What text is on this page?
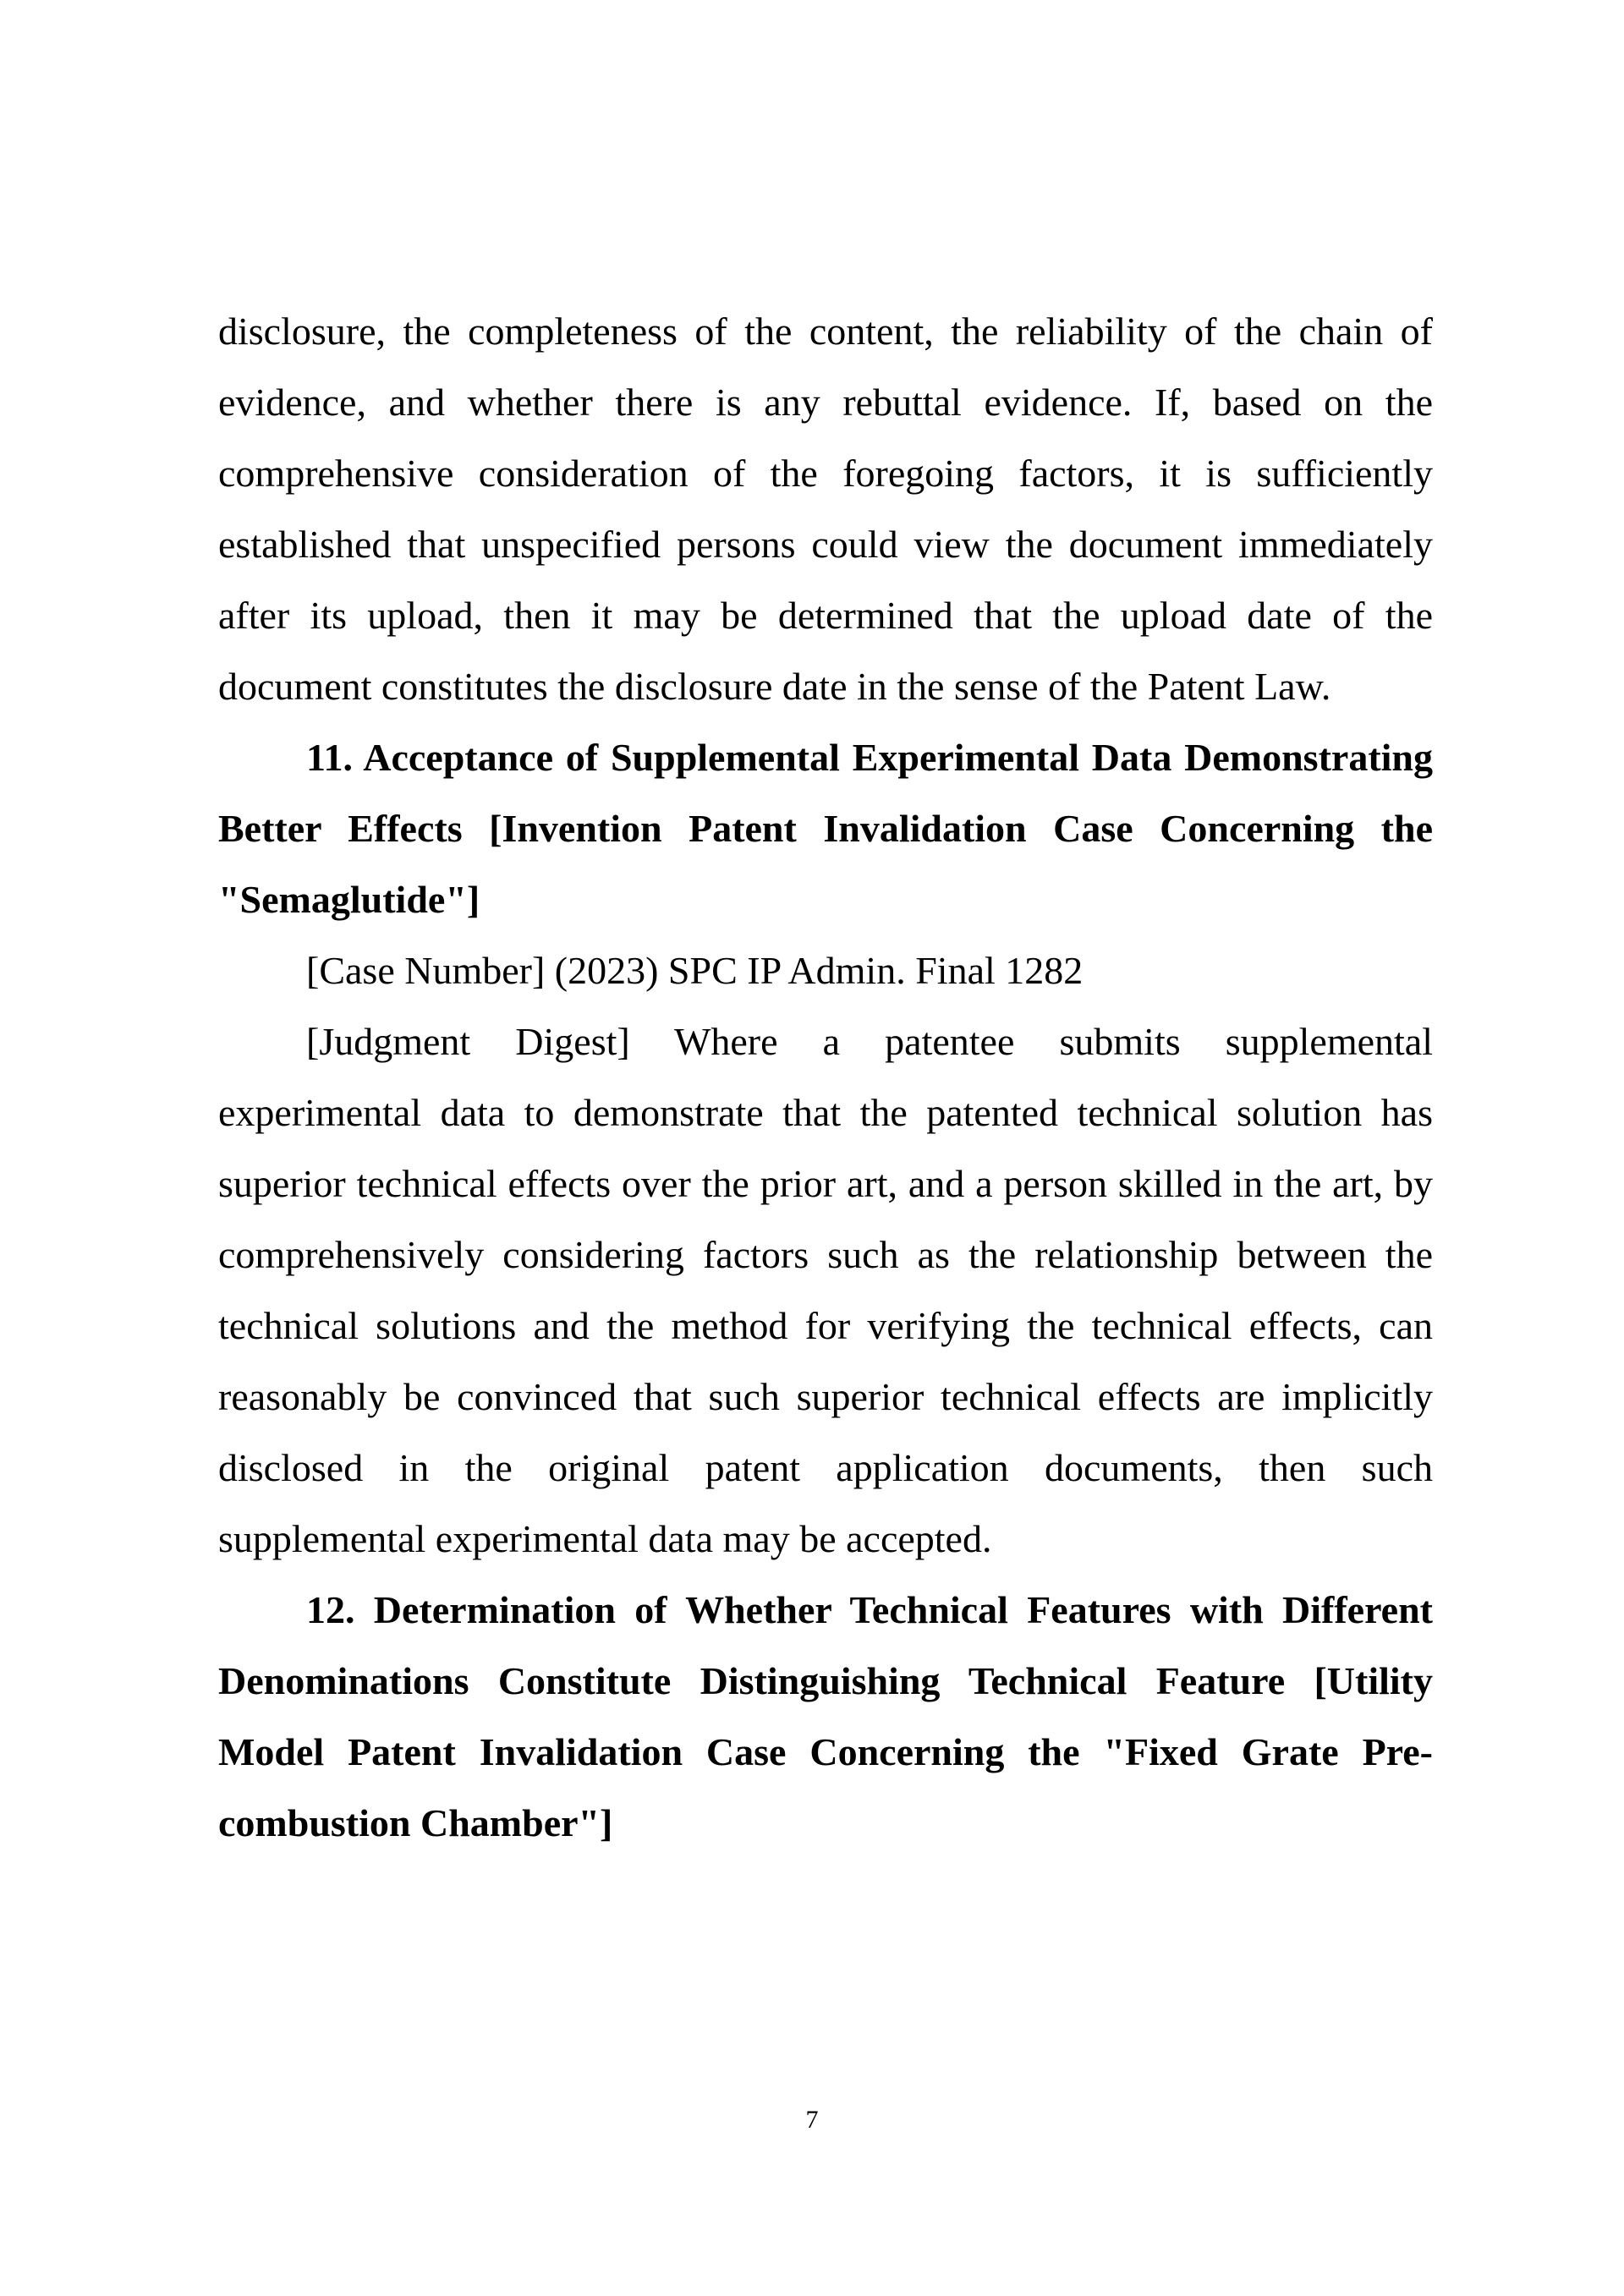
disclosure, the completeness of the content, the reliability of the chain of evidence, and whether there is any rebuttal evidence. If, based on the comprehensive consideration of the foregoing factors, it is sufficiently established that unspecified persons could view the document immediately after its upload, then it may be determined that the upload date of the document constitutes the disclosure date in the sense of the Patent Law.

11. Acceptance of Supplemental Experimental Data Demonstrating Better Effects [Invention Patent Invalidation Case Concerning the "Semaglutide"]

[Case Number] (2023) SPC IP Admin. Final 1282

[Judgment Digest] Where a patentee submits supplemental experimental data to demonstrate that the patented technical solution has superior technical effects over the prior art, and a person skilled in the art, by comprehensively considering factors such as the relationship between the technical solutions and the method for verifying the technical effects, can reasonably be convinced that such superior technical effects are implicitly disclosed in the original patent application documents, then such supplemental experimental data may be accepted.

12. Determination of Whether Technical Features with Different Denominations Constitute Distinguishing Technical Feature [Utility Model Patent Invalidation Case Concerning the "Fixed Grate Pre-combustion Chamber"]

7
